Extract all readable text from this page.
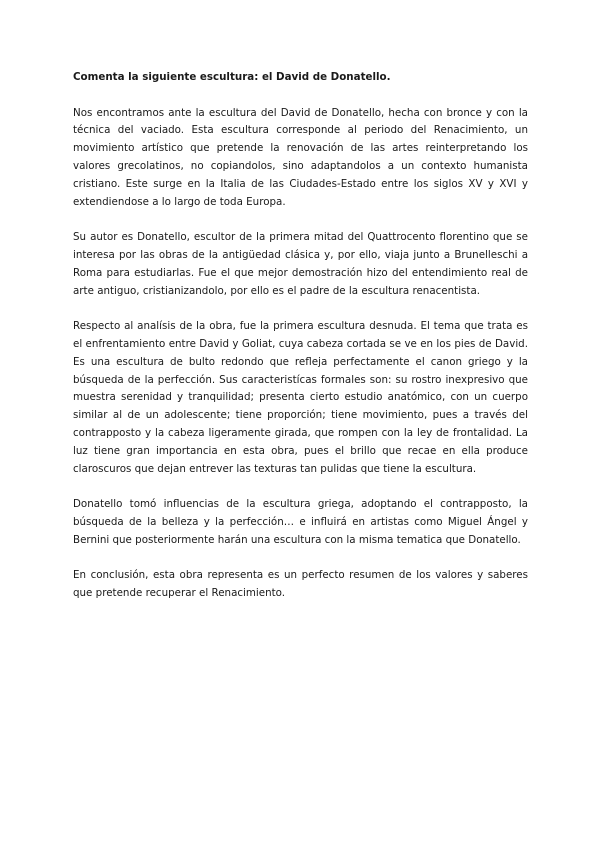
Comenta la siguiente escultura: el David de Donatello.

Nos encontramos ante la escultura del David de Donatello, hecha con bronce y con la técnica del vaciado. Esta escultura corresponde al periodo del Renacimiento, un movimiento artístico que pretende la renovación de las artes reinterpretando los valores grecolatinos, no copiandolos, sino adaptandolos a un contexto humanista cristiano. Este surge en la Italia de las Ciudades-Estado entre los siglos XV y XVI y extendiendose a lo largo de toda Europa.

Su autor es Donatello, escultor de la primera mitad del Quattrocento florentino que se interesa por las obras de la antigüedad clásica y, por ello, viaja junto a Brunelleschi a Roma para estudiarlas. Fue el que mejor demostración hizo del entendimiento real de arte antiguo, cristianizandolo, por ello es el padre de la escultura renacentista.

Respecto al analísis de la obra, fue la primera escultura desnuda. El tema que trata es el enfrentamiento entre David y Goliat, cuya cabeza cortada se ve en los pies de David. Es una escultura de bulto redondo que refleja perfectamente el canon griego y la búsqueda de la perfección. Sus caracteristícas formales son: su rostro inexpresivo que muestra serenidad y tranquilidad; presenta cierto estudio anatómico, con un cuerpo similar al de un adolescente; tiene proporción; tiene movimiento, pues a través del contrapposto y la cabeza ligeramente girada, que rompen con la ley de frontalidad. La luz tiene gran importancia en esta obra, pues el brillo que recae en ella produce claroscuros que dejan entrever las texturas tan pulidas que tiene la escultura.

Donatello tomó influencias de la escultura griega, adoptando el contrapposto, la búsqueda de la belleza y la perfección… e influirá en artistas como Miguel Ángel y Bernini que posteriormente harán una escultura con la misma tematica que Donatello.

En conclusión, esta obra representa es un perfecto resumen de los valores y saberes que pretende recuperar el Renacimiento.
